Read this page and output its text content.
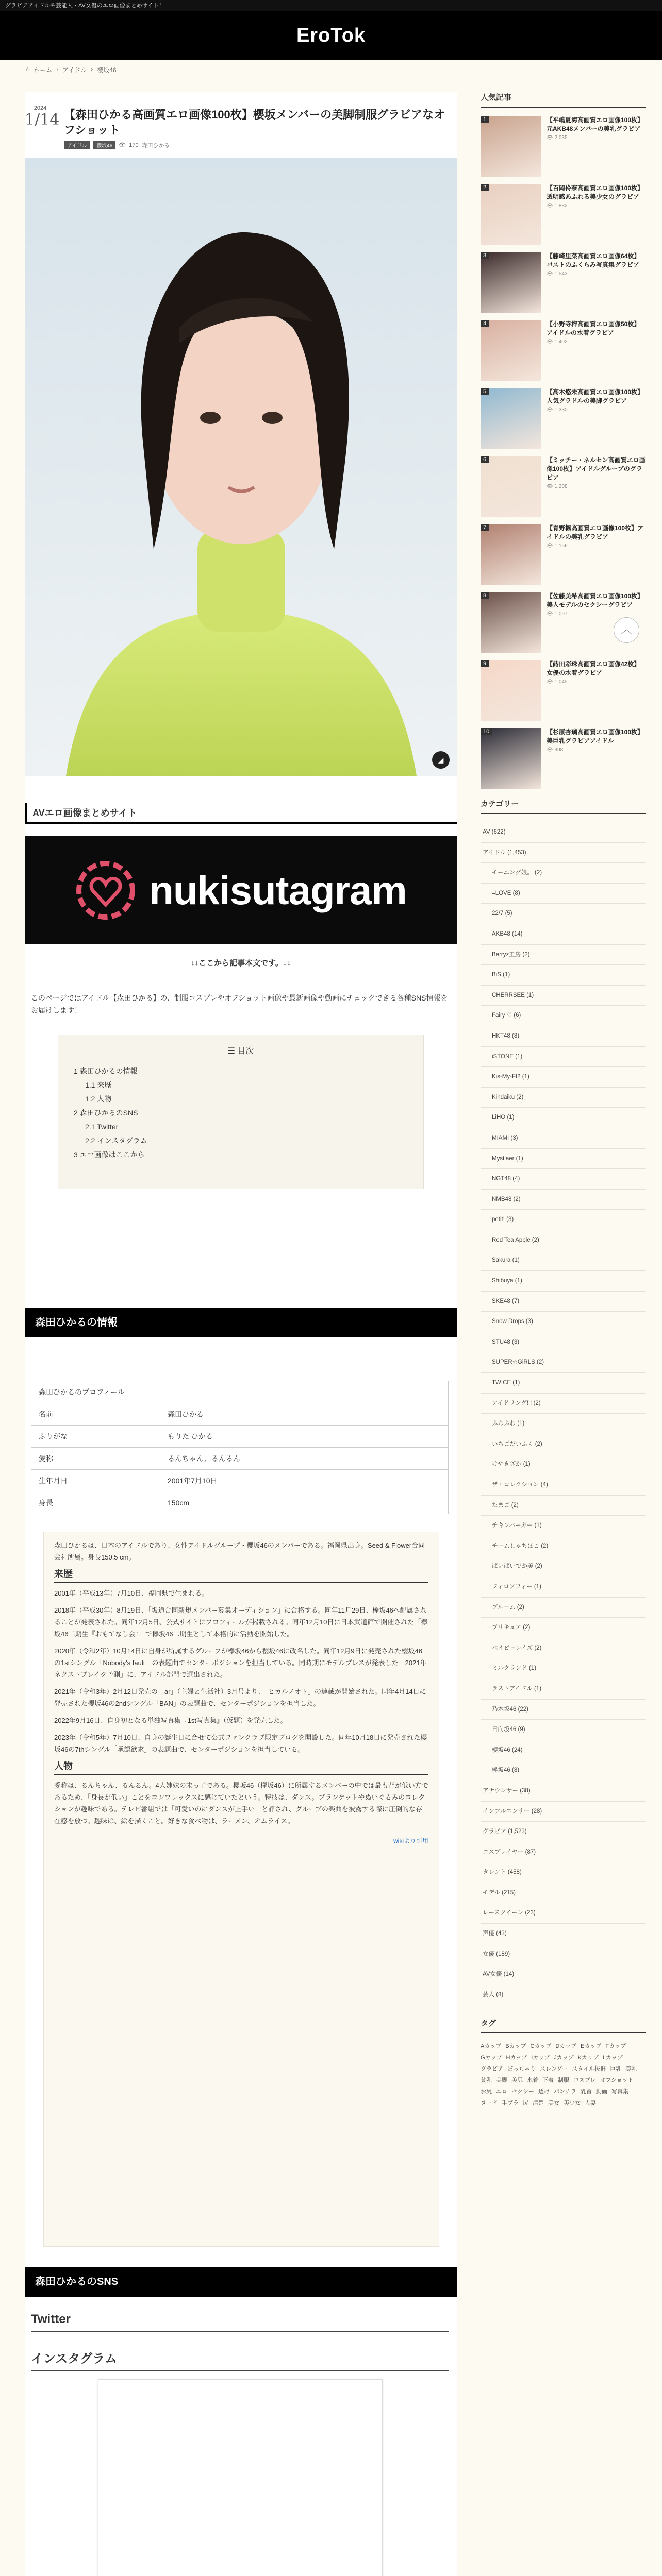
グラビアアイドルや芸能人・AV女優のエロ画像まとめサイト！
EroTok
⌂ ホーム › アイドル › 櫻坂46
2024
1/14 【森田ひかる高画質エロ画像100枚】櫻坂メンバーの美脚制服グラビアなオフショット
アイドル	櫻坂46	👁 170 森田ひかる
◢
AVエロ画像まとめサイト
nukisutagram
↓↓ここから記事本文です。↓↓

このページではアイドル【森田ひかる】の、制服コスプレやオフショット画像や最新画像や動画にチェックできる各種SNS情報をお届けします！

☰ 目次
1 森田ひかるの情報
1.1 来歴
1.2 人物
2 森田ひかるのSNS
2.1 Twitter
2.2 インスタグラム
3 エロ画像はここから
森田ひかるの情報
森田ひかるのプロフィール	
名前	森田ひかる
ふりがな	もりた ひかる
愛称	るんちゃん、るんるん
生年月日	2001年7月10日
身長	150cm

森田ひかるは、日本のアイドルであり、女性アイドルグループ・櫻坂46のメンバーである。福岡県出身。Seed & Flower合同会社所属。身長150.5 cm。

来歴

2001年（平成13年）7月10日、福岡県で生まれる。

2018年（平成30年）8月19日、「坂道合同新規メンバー募集オーディション」に合格する。同年11月29日、欅坂46へ配属されることが発表された。同年12月5日、公式サイトにプロフィールが掲載される。同年12月10日に日本武道館で開催された「欅坂46二期生『おもてなし会』」で欅坂46二期生として本格的に活動を開始した。

2020年（令和2年）10月14日に自身が所属するグループが欅坂46から櫻坂46に改名した。同年12月9日に発売された櫻坂46の1stシングル「Nobody's fault」の表題曲でセンターポジションを担当している。同時期にモデルプレスが発表した「2021年ネクストブレイク予測」に、アイドル部門で選出された。

2021年（令和3年）2月12日発売の「ar」（主婦と生活社）3月号より、「ヒカルノオト」の連載が開始された。同年4月14日に発売された櫻坂46の2ndシングル「BAN」の表題曲で、センターポジションを担当した。

2022年9月16日、自身初となる単独写真集『1st写真集』（仮題）を発売した。

2023年（令和5年）7月10日、自身の誕生日に合せて公式ファンクラブ限定ブログを開設した。同年10月18日に発売された櫻坂46の7thシングル「承認欲求」の表題曲で、センターポジションを担当している。

人物

愛称は、るんちゃん、るんるん。4人姉妹の末っ子である。櫻坂46（欅坂46）に所属するメンバーの中では最も背が低い方であるため、「身長が低い」ことをコンプレックスに感じていたという。特技は、ダンス。ブランケットやぬいぐるみのコレクションが趣味である。テレビ番組では「可愛いのにダンスが上手い」と評され、グループの楽曲を披露する際に圧倒的な存在感を放つ。趣味は、絵を描くこと。好きな食べ物は、ラーメン、オムライス。

wikiより引用
森田ひかるのSNS
Twitter
インスタグラム
︿
人気記事
1	【平嶋夏海高画質エロ画像100枚】元AKB48メンバーの美乳グラビア
👁 2,035
2	【百岡伶奈高画質エロ画像100枚】透明感あふれる美少女のグラビア
👁 1,882
3	【藤崎里菜高画質エロ画像64枚】バストのふくらみ写真集グラビア
👁 1,543
4	【小野寺梓高画質エロ画像50枚】アイドルの水着グラビア
👁 1,402
5	【高木悠未高画質エロ画像100枚】人気グラドルの美脚グラビア
👁 1,330
6	【ミッチー・ネルセン高画質エロ画像100枚】アイドルグループのグラビア
👁 1,208
7	【青野楓高画質エロ画像100枚】アイドルの美乳グラビア
👁 1,156
8	【佐藤美希高画質エロ画像100枚】美人モデルのセクシーグラビア
👁 1,097
9	【蒔田彩珠高画質エロ画像42枚】女優の水着グラビア
👁 1,045
10	【杉原杏璃高画質エロ画像100枚】美巨乳グラビアアイドル
👁 998
カテゴリー
AV (622)
アイドル (1,453)
モーニング娘。 (2)
=LOVE (8)
22/7 (5)
AKB48 (14)
Berryz工房 (2)
BiS (1)
CHERRSEE (1)
Fairy ♡ (6)
HKT48 (8)
iSTONE (1)
Kis-My-Ft2 (1)
Kindaiku (2)
LiHO (1)
MIAMI (3)
Mystiaer (1)
NGT48 (4)
NMB48 (2)
petit! (3)
Red Tea Apple (2)
Sakura (1)
Shibuya (1)
SKE48 (7)
Snow Drops (3)
STU48 (3)
SUPER☆GiRLS (2)
TWICE (1)
アイドリング!!! (2)
ふわふわ (1)
いちごだいふく (2)
けやきざか (1)
ザ・コレクション (4)
たまご (2)
チキンバーガー (1)
チームしゃちほこ (2)
ぱいぱいでか美 (2)
フィロソフィー (1)
ブルーム (2)
プリキュア (2)
ベイビーレイズ (2)
ミルクランド (1)
ラストアイドル (1)
乃木坂46 (22)
日向坂46 (9)
櫻坂46 (24)
欅坂46 (8)
アナウンサー (38)
インフルエンサー (28)
グラビア (1,523)
コスプレイヤー (87)
タレント (458)
モデル (215)
レースクイーン (23)
声優 (43)
女優 (189)
AV女優 (14)
芸人 (8)
タグ
Aカップ Bカップ Cカップ Dカップ Eカップ Fカップ
Gカップ Hカップ Iカップ Jカップ Kカップ Lカップ
グラビア ぽっちゃり スレンダー スタイル抜群 巨乳 美乳
貧乳 美脚 美尻 水着 下着 制服 コスプレ オフショット
お尻 エロ セクシー 透け パンチラ 乳首 動画 写真集
ヌード 手ブラ 尻 清楚 美女 美少女 人妻
